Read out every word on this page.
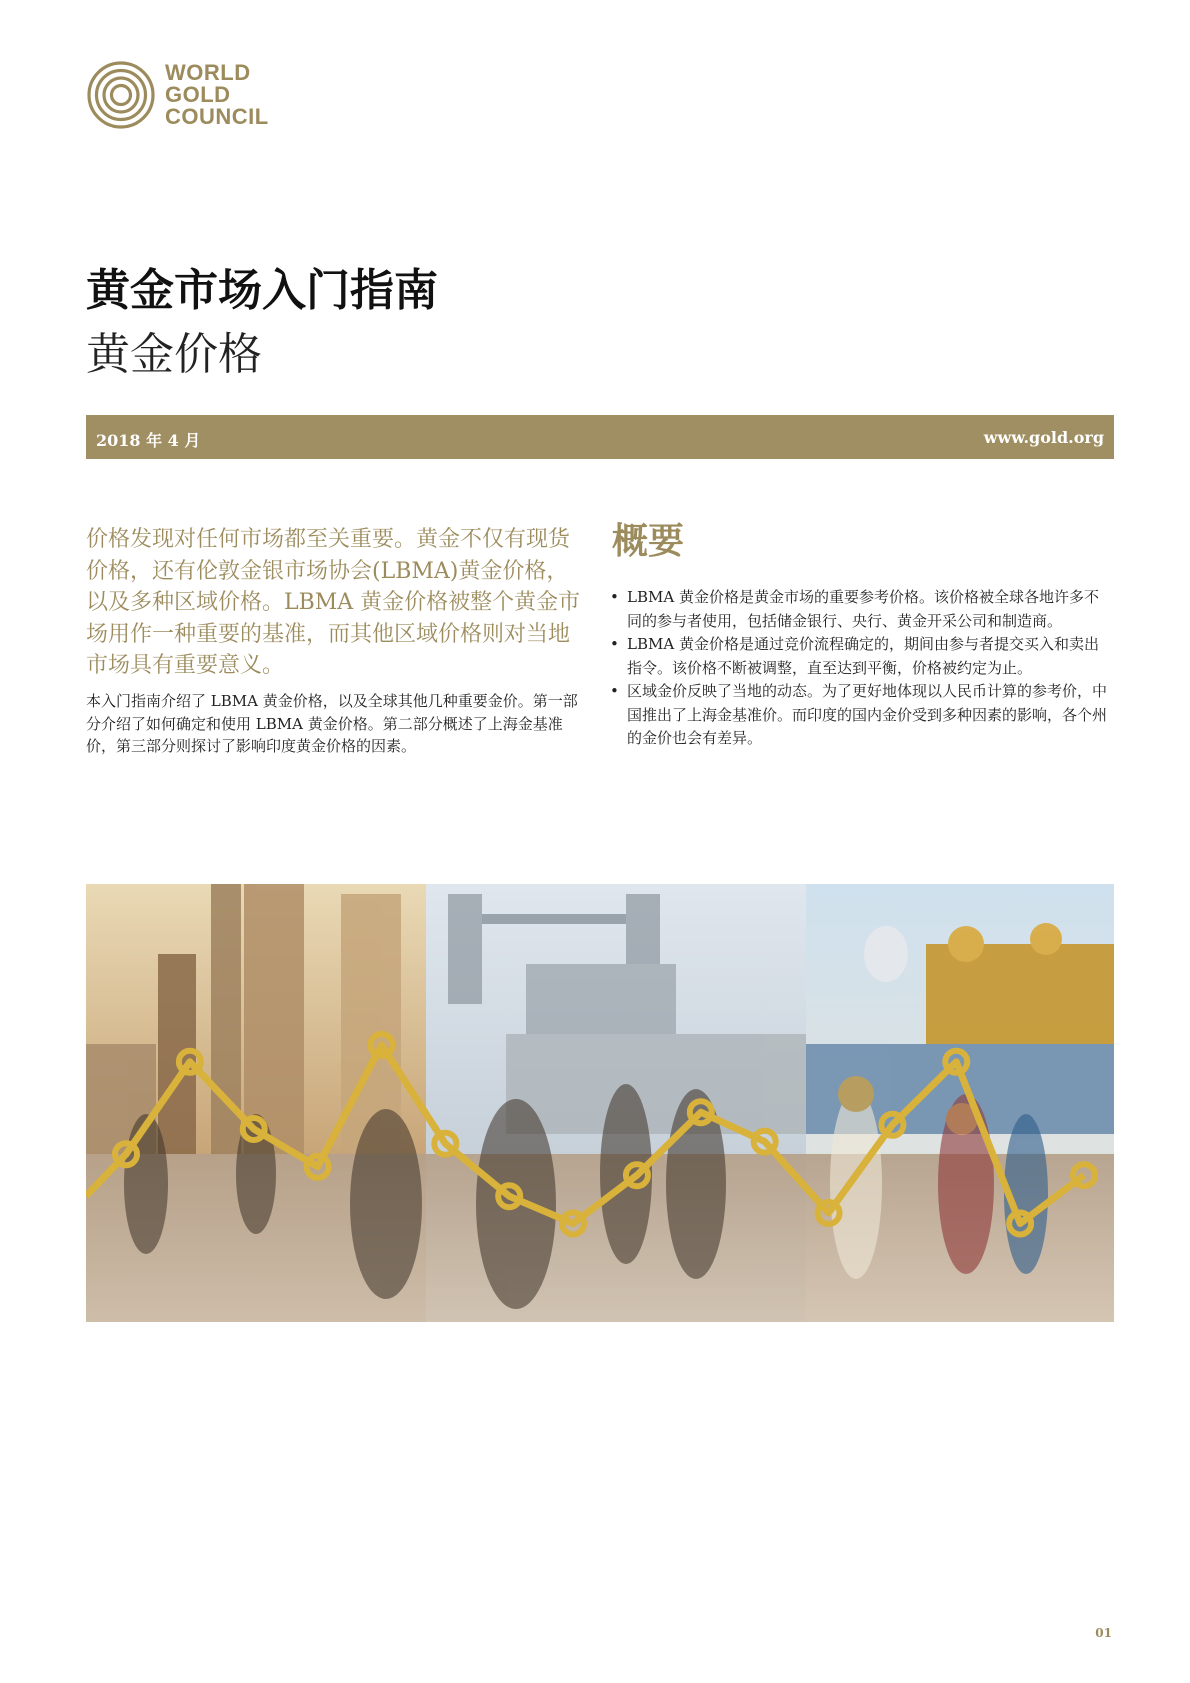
WORLD
GOLD
COUNCIL
黄金市场入门指南
黄金价格
2018 年 4 月	www.gold.org
价格发现对任何市场都至关重要。黄金不仅有现货价格，还有伦敦金银市场协会(LBMA)黄金价格，以及多种区域价格。LBMA 黄金价格被整个黄金市场用作一种重要的基准，而其他区域价格则对当地市场具有重要意义。
本入门指南介绍了 LBMA 黄金价格，以及全球其他几种重要金价。第一部分介绍了如何确定和使用 LBMA 黄金价格。第二部分概述了上海金基准价，第三部分则探讨了影响印度黄金价格的因素。
概要
• LBMA 黄金价格是黄金市场的重要参考价格。该价格被全球各地许多不同的参与者使用，包括储金银行、央行、黄金开采公司和制造商。
• LBMA 黄金价格是通过竞价流程确定的，期间由参与者提交买入和卖出指令。该价格不断被调整，直至达到平衡，价格被约定为止。
• 区域金价反映了当地的动态。为了更好地体现以人民币计算的参考价，中国推出了上海金基准价。而印度的国内金价受到多种因素的影响，各个州的金价也会有差异。
01
